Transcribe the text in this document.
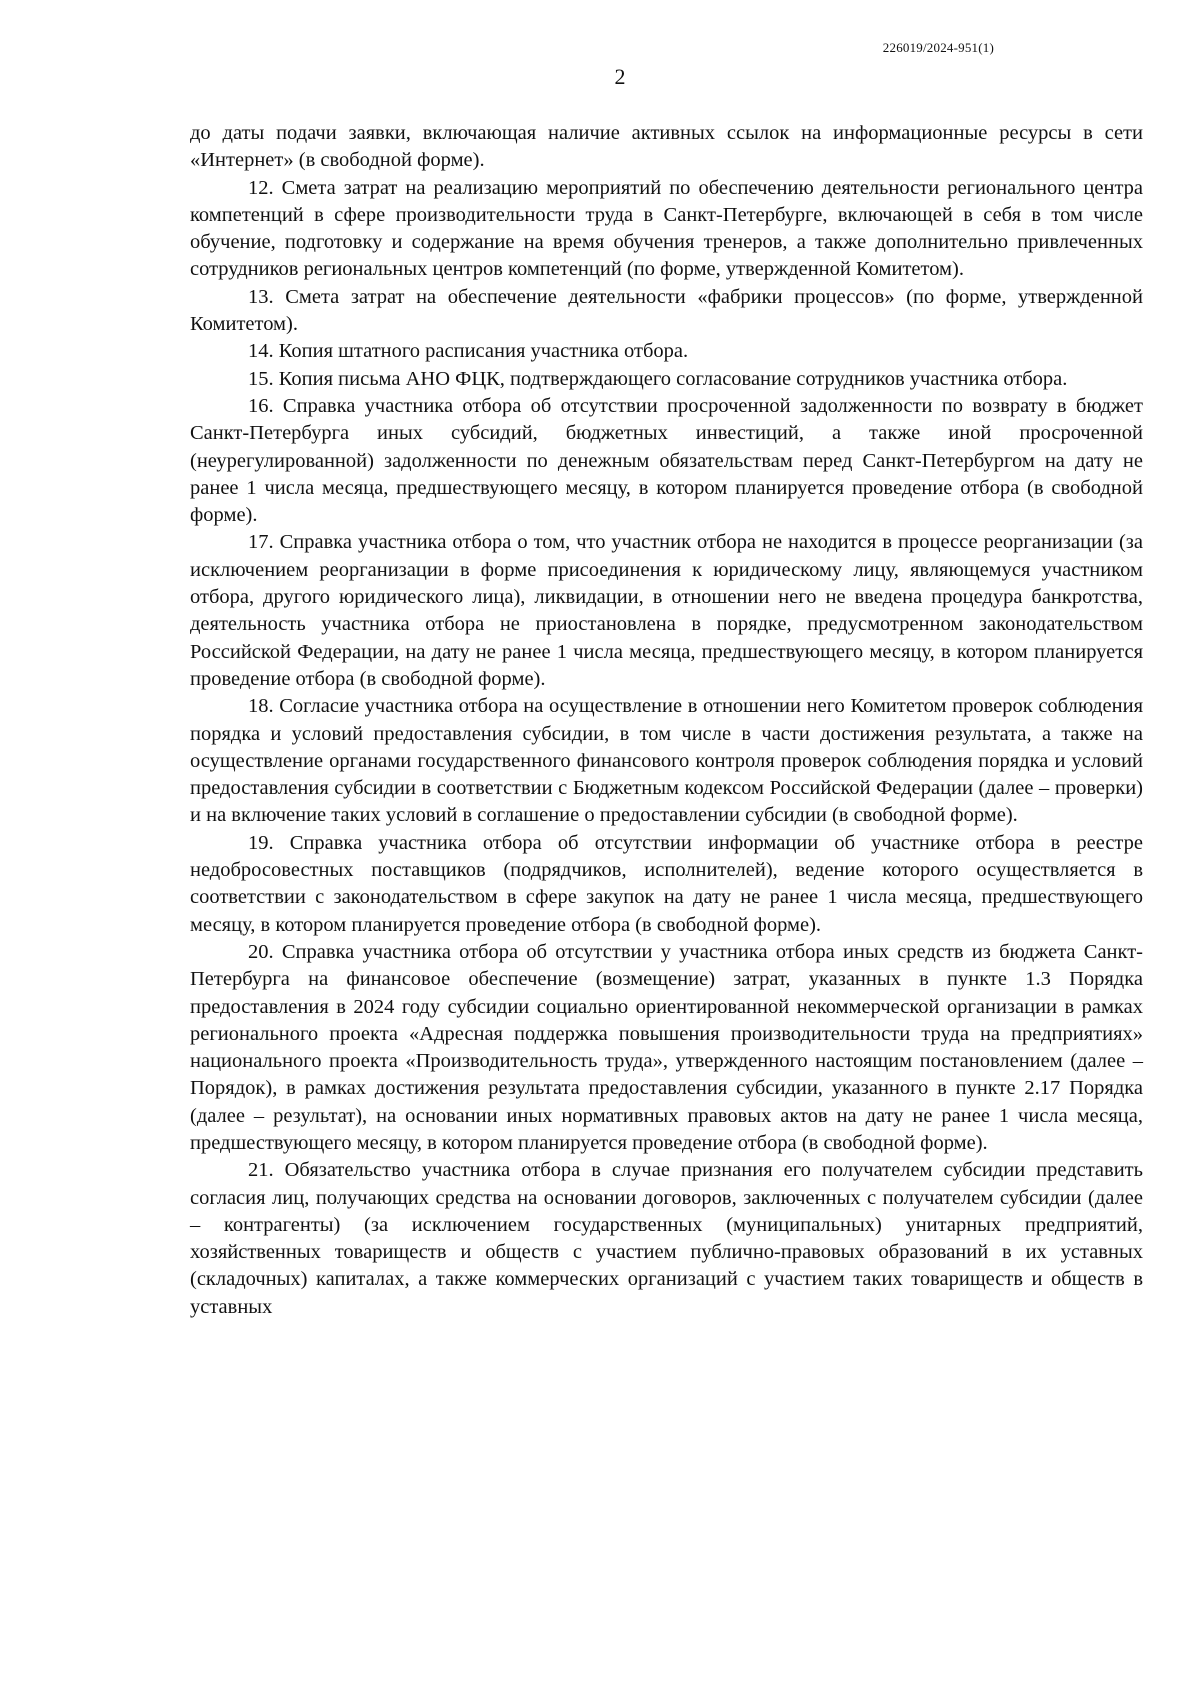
226019/2024-951(1)
2

до даты подачи заявки, включающая наличие активных ссылок на информационные ресурсы в сети «Интернет» (в свободной форме).

12. Смета затрат на реализацию мероприятий по обеспечению деятельности регионального центра компетенций в сфере производительности труда в Санкт-Петербурге, включающей в себя в том числе обучение, подготовку и содержание на время обучения тренеров, а также дополнительно привлеченных сотрудников региональных центров компетенций (по форме, утвержденной Комитетом).

13. Смета затрат на обеспечение деятельности «фабрики процессов» (по форме, утвержденной Комитетом).

14. Копия штатного расписания участника отбора.

15. Копия письма АНО ФЦК, подтверждающего согласование сотрудников участника отбора.

16. Справка участника отбора об отсутствии просроченной задолженности по возврату в бюджет Санкт-Петербурга иных субсидий, бюджетных инвестиций, а также иной просроченной (неурегулированной) задолженности по денежным обязательствам перед Санкт-Петербургом на дату не ранее 1 числа месяца, предшествующего месяцу, в котором планируется проведение отбора (в свободной форме).

17. Справка участника отбора о том, что участник отбора не находится в процессе реорганизации (за исключением реорганизации в форме присоединения к юридическому лицу, являющемуся участником отбора, другого юридического лица), ликвидации, в отношении него не введена процедура банкротства, деятельность участника отбора не приостановлена в порядке, предусмотренном законодательством Российской Федерации, на дату не ранее 1 числа месяца, предшествующего месяцу, в котором планируется проведение отбора (в свободной форме).

18. Согласие участника отбора на осуществление в отношении него Комитетом проверок соблюдения порядка и условий предоставления субсидии, в том числе в части достижения результата, а также на осуществление органами государственного финансового контроля проверок соблюдения порядка и условий предоставления субсидии в соответствии с Бюджетным кодексом Российской Федерации (далее – проверки) и на включение таких условий в соглашение о предоставлении субсидии (в свободной форме).

19. Справка участника отбора об отсутствии информации об участнике отбора в реестре недобросовестных поставщиков (подрядчиков, исполнителей), ведение которого осуществляется в соответствии с законодательством в сфере закупок на дату не ранее 1 числа месяца, предшествующего месяцу, в котором планируется проведение отбора (в свободной форме).

20. Справка участника отбора об отсутствии у участника отбора иных средств из бюджета Санкт-Петербурга на финансовое обеспечение (возмещение) затрат, указанных в пункте 1.3 Порядка предоставления в 2024 году субсидии социально ориентированной некоммерческой организации в рамках регионального проекта «Адресная поддержка повышения производительности труда на предприятиях» национального проекта «Производительность труда», утвержденного настоящим постановлением (далее – Порядок), в рамках достижения результата предоставления субсидии, указанного в пункте 2.17 Порядка (далее – результат), на основании иных нормативных правовых актов на дату не ранее 1 числа месяца, предшествующего месяцу, в котором планируется проведение отбора (в свободной форме).

21. Обязательство участника отбора в случае признания его получателем субсидии представить согласия лиц, получающих средства на основании договоров, заключенных с получателем субсидии (далее – контрагенты) (за исключением государственных (муниципальных) унитарных предприятий, хозяйственных товариществ и обществ с участием публично-правовых образований в их уставных (складочных) капиталах, а также коммерческих организаций с участием таких товариществ и обществ в уставных
